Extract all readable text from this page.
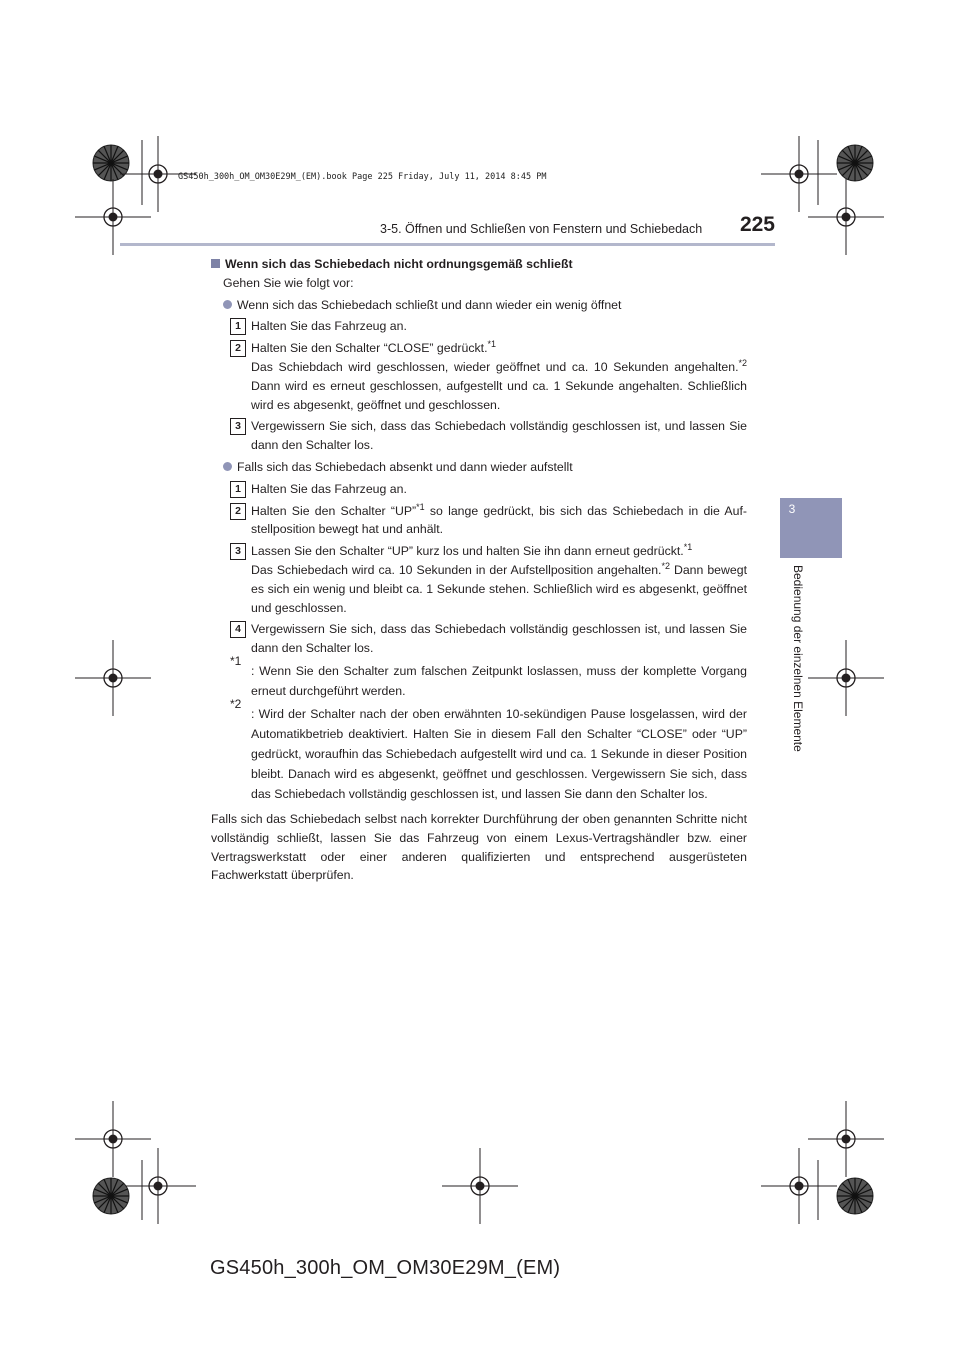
GS450h_300h_OM_OM30E29M_(EM).book Page 225 Friday, July 11, 2014 8:45 PM
3-5. Öffnen und Schließen von Fenstern und Schiebedach	225
3
Bedienung der einzelnen Elemente
Wenn sich das Schiebedach nicht ordnungsgemäß schließt
Gehen Sie wie folgt vor:
Wenn sich das Schiebedach schließt und dann wieder ein wenig öffnet
1 Halten Sie das Fahrzeug an.
2 Halten Sie den Schalter “CLOSE” gedrückt.$^{*1}$
Das Schiebdach wird geschlossen, wieder geöffnet und ca. 10 Sekunden angehalten.$^{*2}$ Dann wird es erneut geschlossen, aufgestellt und ca. 1 Sekunde angehalten. Schließlich wird es abgesenkt, geöffnet und geschlossen.
3 Vergewissern Sie sich, dass das Schiebedach vollständig geschlossen ist, und lassen Sie dann den Schalter los.
Falls sich das Schiebedach absenkt und dann wieder aufstellt
1 Halten Sie das Fahrzeug an.
2 Halten Sie den Schalter “UP”$^{*1}$ so lange gedrückt, bis sich das Schiebedach in die Auf-stellposition bewegt hat und anhält.
3 Lassen Sie den Schalter “UP” kurz los und halten Sie ihn dann erneut gedrückt.$^{*1}$
Das Schiebedach wird ca. 10 Sekunden in der Aufstellposition angehalten.$^{*2}$ Dann bewegt es sich ein wenig und bleibt ca. 1 Sekunde stehen. Schließlich wird es abgesenkt, geöffnet und geschlossen.
4 Vergewissern Sie sich, dass das Schiebedach vollständig geschlossen ist, und lassen Sie dann den Schalter los.
*1
: Wenn Sie den Schalter zum falschen Zeitpunkt loslassen, muss der komplette Vorgang erneut durchgeführt werden.
*2
: Wird der Schalter nach der oben erwähnten 10-sekündigen Pause losgelassen, wird der Automatikbetrieb deaktiviert. Halten Sie in diesem Fall den Schalter “CLOSE” oder “UP” gedrückt, woraufhin das Schiebedach aufgestellt wird und ca. 1 Sekunde in dieser Position bleibt. Danach wird es abgesenkt, geöffnet und geschlossen. Vergewissern Sie sich, dass das Schiebedach vollständig geschlossen ist, und lassen Sie dann den Schalter los.
Falls sich das Schiebedach selbst nach korrekter Durchführung der oben genannten Schritte nicht vollständig schließt, lassen Sie das Fahrzeug von einem Lexus-Vertragshändler bzw. einer Vertragswerkstatt oder einer anderen qualifizierten und entsprechend ausgerüsteten Fachwerkstatt überprüfen.
GS450h_300h_OM_OM30E29M_(EM)
